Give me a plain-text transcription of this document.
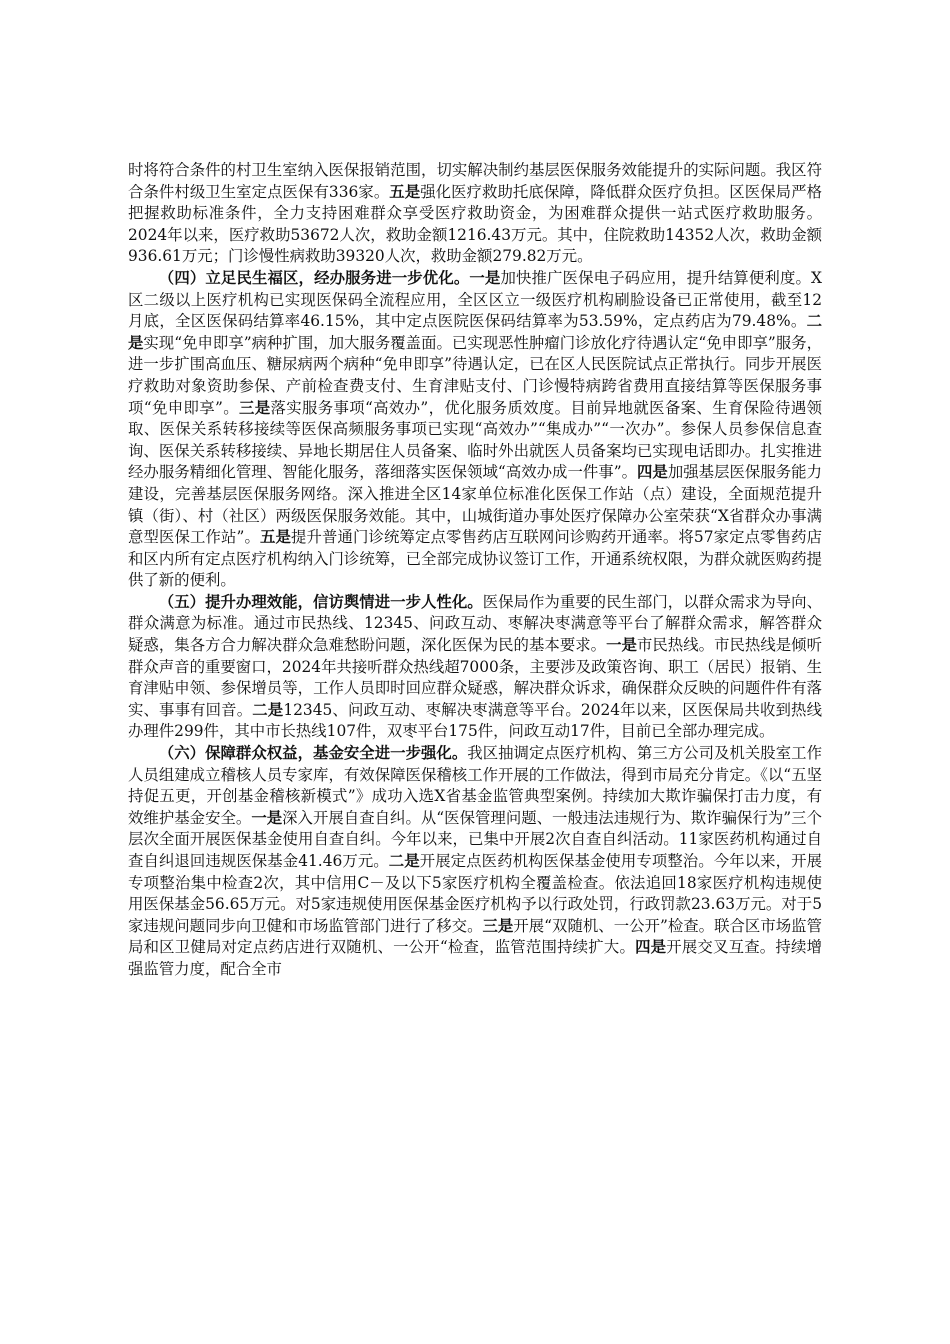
时将符合条件的村卫生室纳入医保报销范围，切实解决制约基层医保服务效能提升的实际问题。我区符合条件村级卫生室定点医保有336家。五是强化医疗救助托底保障，降低群众医疗负担。区医保局严格把握救助标准条件，全力支持困难群众享受医疗救助资金，为困难群众提供一站式医疗救助服务。2024年以来，医疗救助53672人次，救助金额1216.43万元。其中，住院救助14352人次，救助金额936.61万元；门诊慢性病救助39320人次，救助金额279.82万元。

（四）立足民生福区，经办服务进一步优化。一是加快推广医保电子码应用，提升结算便利度。X区二级以上医疗机构已实现医保码全流程应用，全区区立一级医疗机构刷脸设备已正常使用，截至12月底，全区医保码结算率46.15%，其中定点医院医保码结算率为53.59%，定点药店为79.48%。二是实现“免申即享”病种扩围，加大服务覆盖面。已实现恶性肿瘤门诊放化疗待遇认定“免申即享”服务，进一步扩围高血压、糖尿病两个病种“免申即享”待遇认定，已在区人民医院试点正常执行。同步开展医疗救助对象资助参保、产前检查费支付、生育津贴支付、门诊慢特病跨省费用直接结算等医保服务事项“免申即享”。三是落实服务事项“高效办”，优化服务质效度。目前异地就医备案、生育保险待遇领取、医保关系转移接续等医保高频服务事项已实现“高效办”“集成办”“一次办”。参保人员参保信息查询、医保关系转移接续、异地长期居住人员备案、临时外出就医人员备案均已实现电话即办。扎实推进经办服务精细化管理、智能化服务，落细落实医保领域“高效办成一件事”。四是加强基层医保服务能力建设，完善基层医保服务网络。深入推进全区14家单位标准化医保工作站（点）建设，全面规范提升镇（街）、村（社区）两级医保服务效能。其中，山城街道办事处医疗保障办公室荣获“X省群众办事满意型医保工作站”。五是提升普通门诊统筹定点零售药店互联网问诊购药开通率。将57家定点零售药店和区内所有定点医疗机构纳入门诊统筹，已全部完成协议签订工作，开通系统权限，为群众就医购药提供了新的便利。

（五）提升办理效能，信访舆情进一步人性化。医保局作为重要的民生部门，以群众需求为导向、群众满意为标准。通过市民热线、12345、问政互动、枣解决枣满意等平台了解群众需求，解答群众疑惑，集各方合力解决群众急难愁盼问题，深化医保为民的基本要求。一是市民热线。市民热线是倾听群众声音的重要窗口，2024年共接听群众热线超7000条，主要涉及政策咨询、职工（居民）报销、生育津贴申领、参保增员等，工作人员即时回应群众疑惑，解决群众诉求，确保群众反映的问题件件有落实、事事有回音。二是12345、问政互动、枣解决枣满意等平台。2024年以来，区医保局共收到热线办理件299件，其中市长热线107件，双枣平台175件，问政互动17件，目前已全部办理完成。

（六）保障群众权益，基金安全进一步强化。我区抽调定点医疗机构、第三方公司及机关股室工作人员组建成立稽核人员专家库，有效保障医保稽核工作开展的工作做法，得到市局充分肯定。《以“五坚持促五更，开创基金稽核新模式”》成功入选X省基金监管典型案例。持续加大欺诈骗保打击力度，有效维护基金安全。一是深入开展自查自纠。从“医保管理问题、一般违法违规行为、欺诈骗保行为”三个层次全面开展医保基金使用自查自纠。今年以来，已集中开展2次自查自纠活动。11家医药机构通过自查自纠退回违规医保基金41.46万元。二是开展定点医药机构医保基金使用专项整治。今年以来，开展专项整治集中检查2次，其中信用C－及以下5家医疗机构全覆盖检查。依法追回18家医疗机构违规使用医保基金56.65万元。对5家违规使用医保基金医疗机构予以行政处罚，行政罚款23.63万元。对于5家违规问题同步向卫健和市场监管部门进行了移交。三是开展“双随机、一公开”检查。联合区市场监管局和区卫健局对定点药店进行双随机、一公开“检查，监管范围持续扩大。四是开展交叉互查。持续增强监管力度，配合全市
